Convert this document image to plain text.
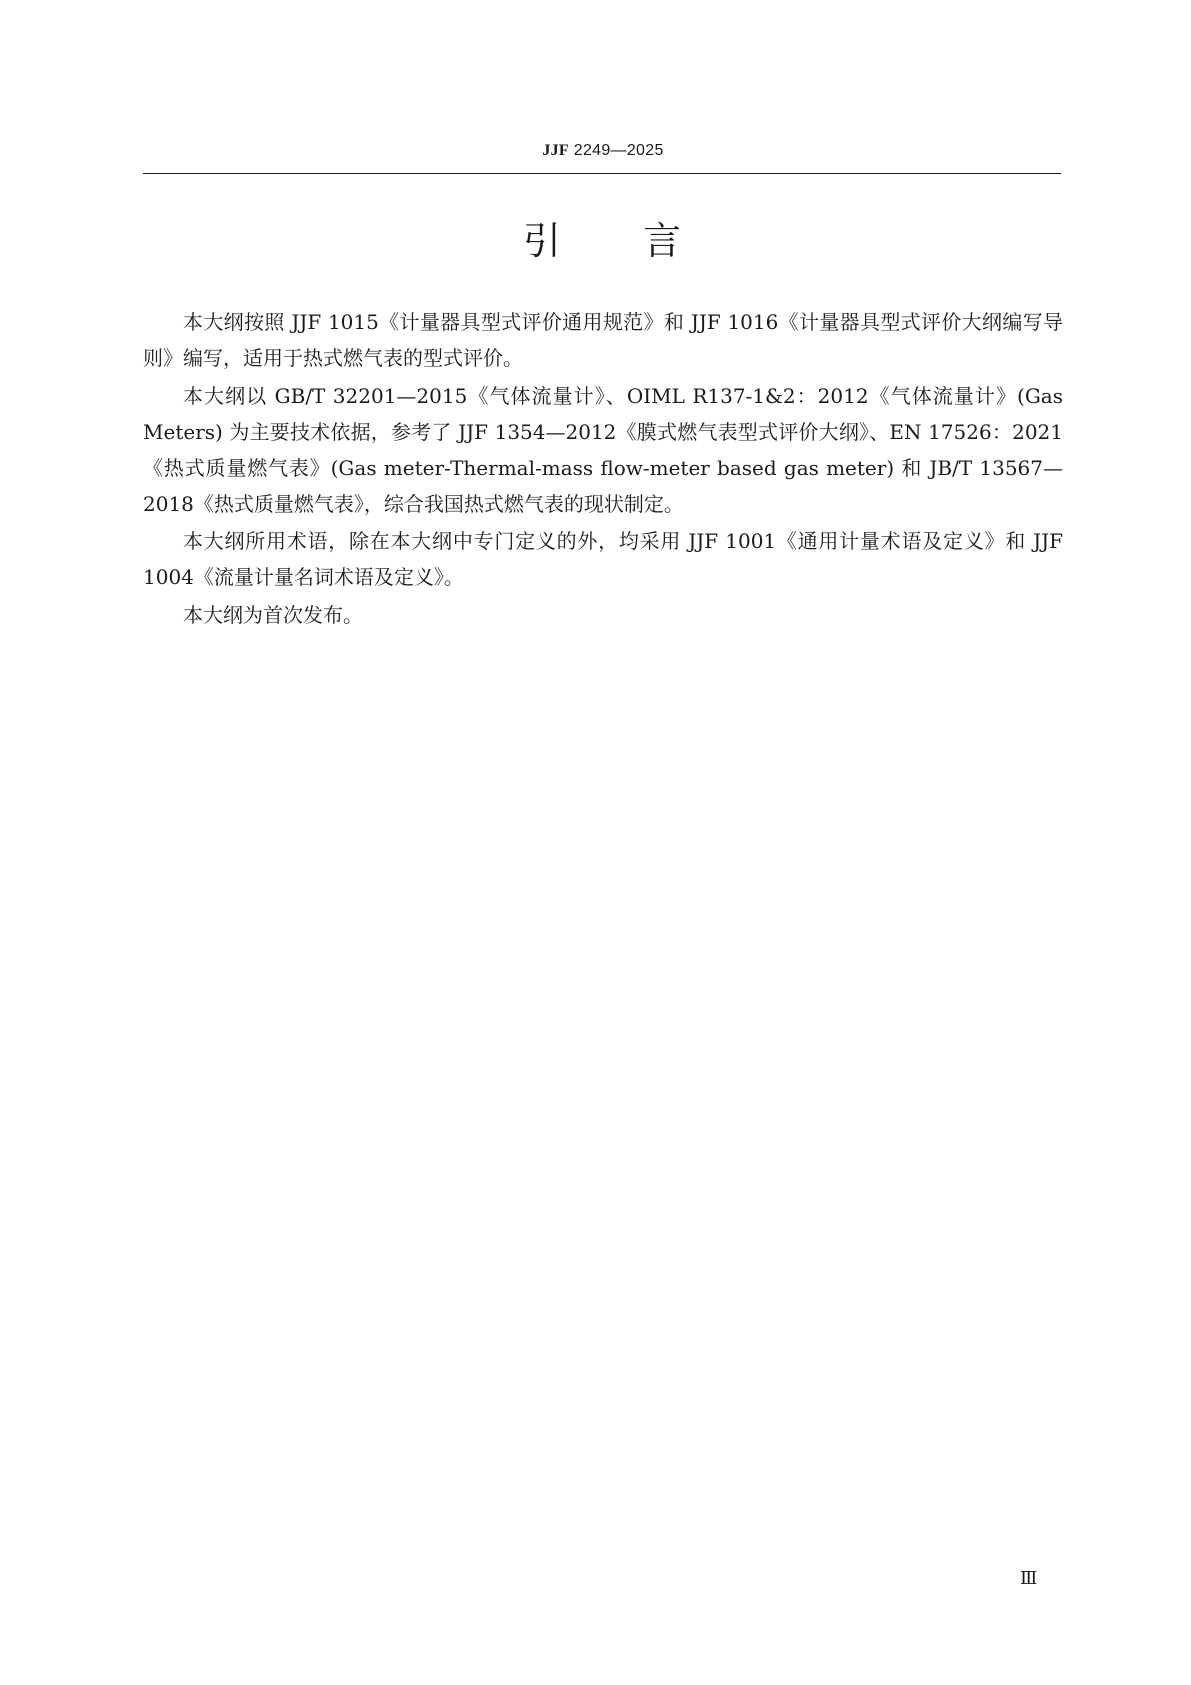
JJF 2249—2025
引 言

本大纲按照 JJF 1015《计量器具型式评价通用规范》和 JJF 1016《计量器具型式评价大纲编写导则》编写，适用于热式燃气表的型式评价。

本大纲以 GB/T 32201—2015《气体流量计》、OIML R137-1&2：2012《气体流量计》(Gas Meters) 为主要技术依据，参考了 JJF 1354—2012《膜式燃气表型式评价大纲》、EN 17526：2021《热式质量燃气表》(Gas meter-Thermal-mass flow-meter based gas meter) 和 JB/T 13567—2018《热式质量燃气表》，综合我国热式燃气表的现状制定。

本大纲所用术语，除在本大纲中专门定义的外，均采用 JJF 1001《通用计量术语及定义》和 JJF 1004《流量计量名词术语及定义》。

本大纲为首次发布。

Ⅲ
